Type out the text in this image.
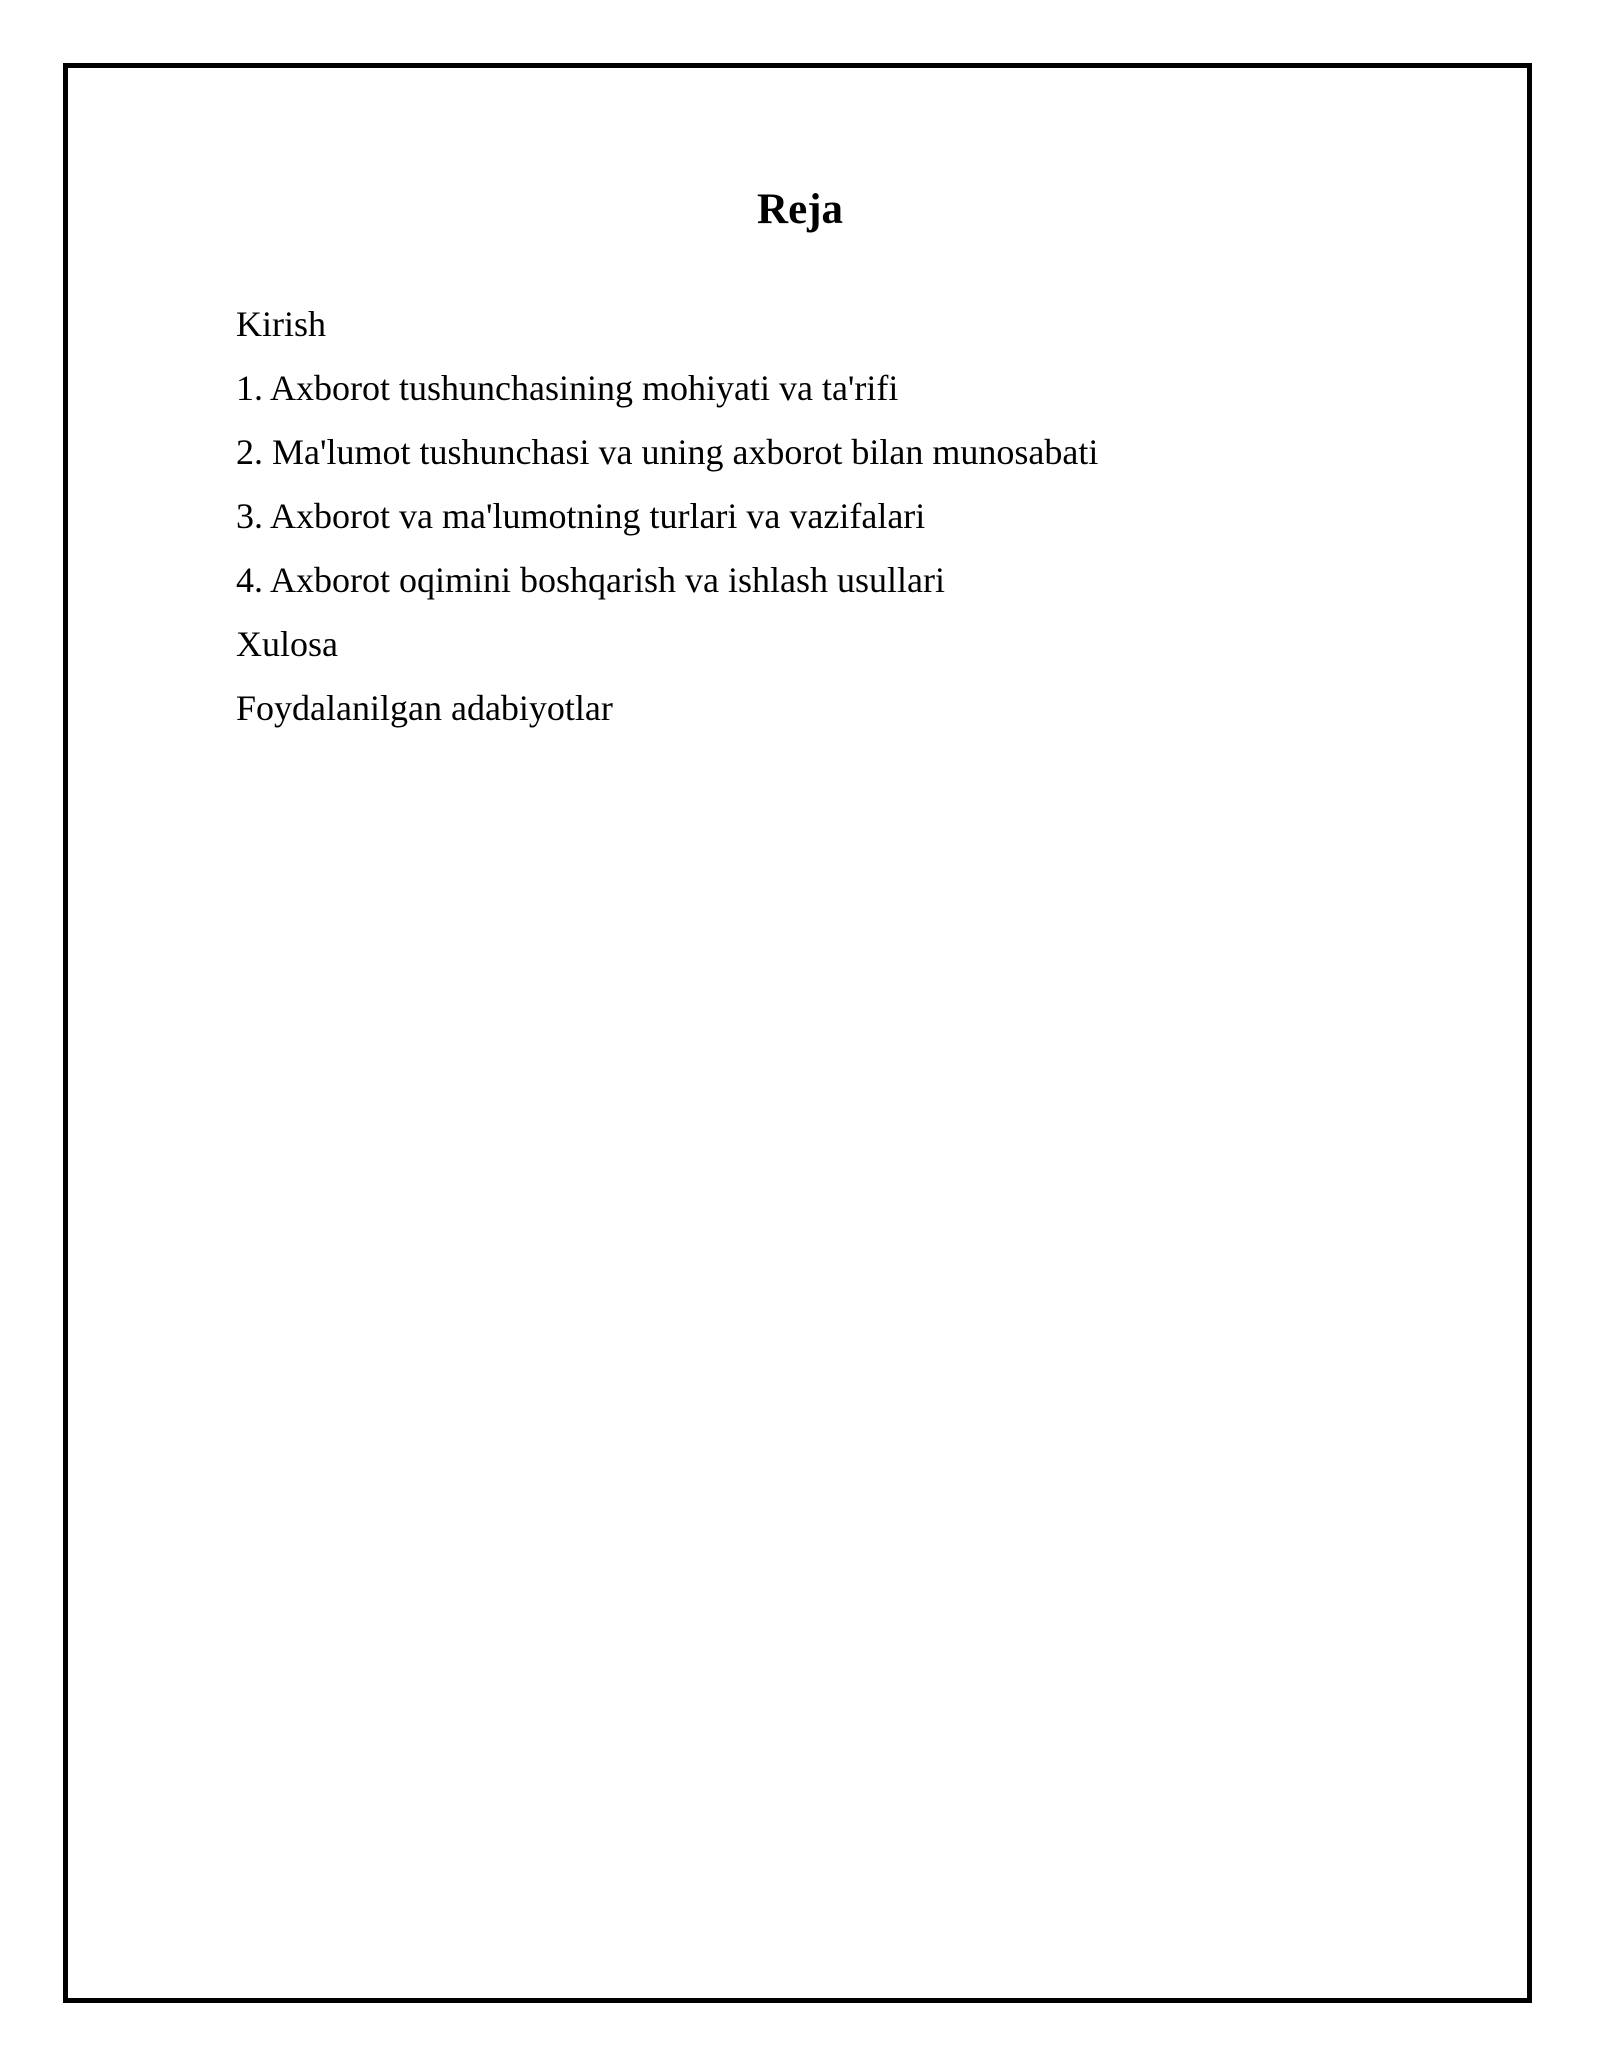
Reja
Kirish
1. Axborot tushunchasining mohiyati va ta'rifi
2. Ma'lumot tushunchasi va uning axborot bilan munosabati
3. Axborot va ma'lumotning turlari va vazifalari
4. Axborot oqimini boshqarish va ishlash usullari
Xulosa
Foydalanilgan adabiyotlar
